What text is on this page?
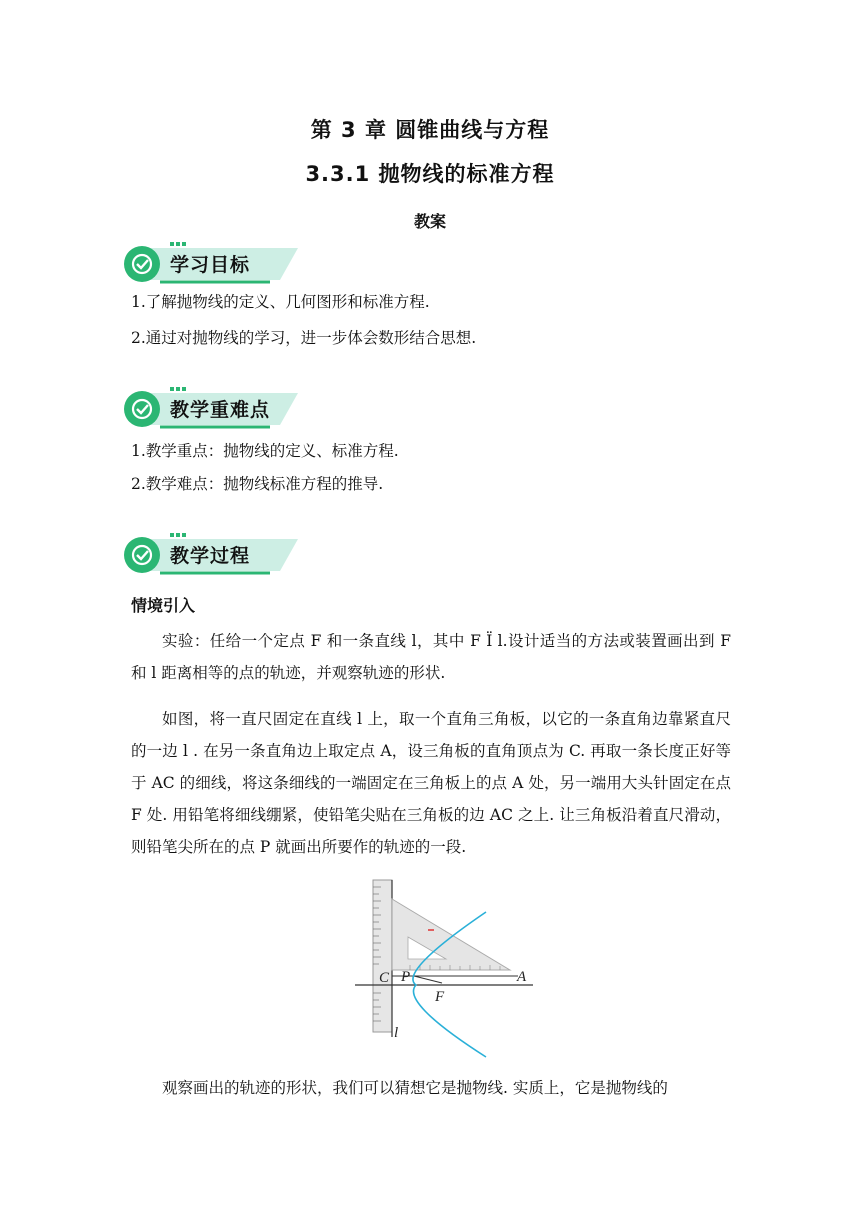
第 3 章 圆锥曲线与方程
3.3.1 抛物线的标准方程
教案
学习目标
1.了解抛物线的定义、几何图形和标准方程.
2.通过对抛物线的学习，进一步体会数形结合思想.
教学重难点
1.教学重点：抛物线的定义、标准方程.
2.教学难点：抛物线标准方程的推导.
教学过程
情境引入
实验：任给一个定点 F 和一条直线 l，其中 F Ï l.设计适当的方法或装置画出到 F 和 l 距离相等的点的轨迹，并观察轨迹的形状.
如图，将一直尺固定在直线 l 上，取一个直角三角板，以它的一条直角边靠紧直尺的一边 l . 在另一条直角边上取定点 A，设三角板的直角顶点为 C. 再取一条长度正好等于 AC 的细线，将这条细线的一端固定在三角板上的点 A 处，另一端用大头针固定在点 F 处. 用铅笔将细线绷紧，使铅笔尖贴在三角板的边 AC 之上. 让三角板沿着直尺滑动，则铅笔尖所在的点 P 就画出所要作的轨迹的一段.
C P	A
F
l
观察画出的轨迹的形状，我们可以猜想它是抛物线. 实质上，它是抛物线的
